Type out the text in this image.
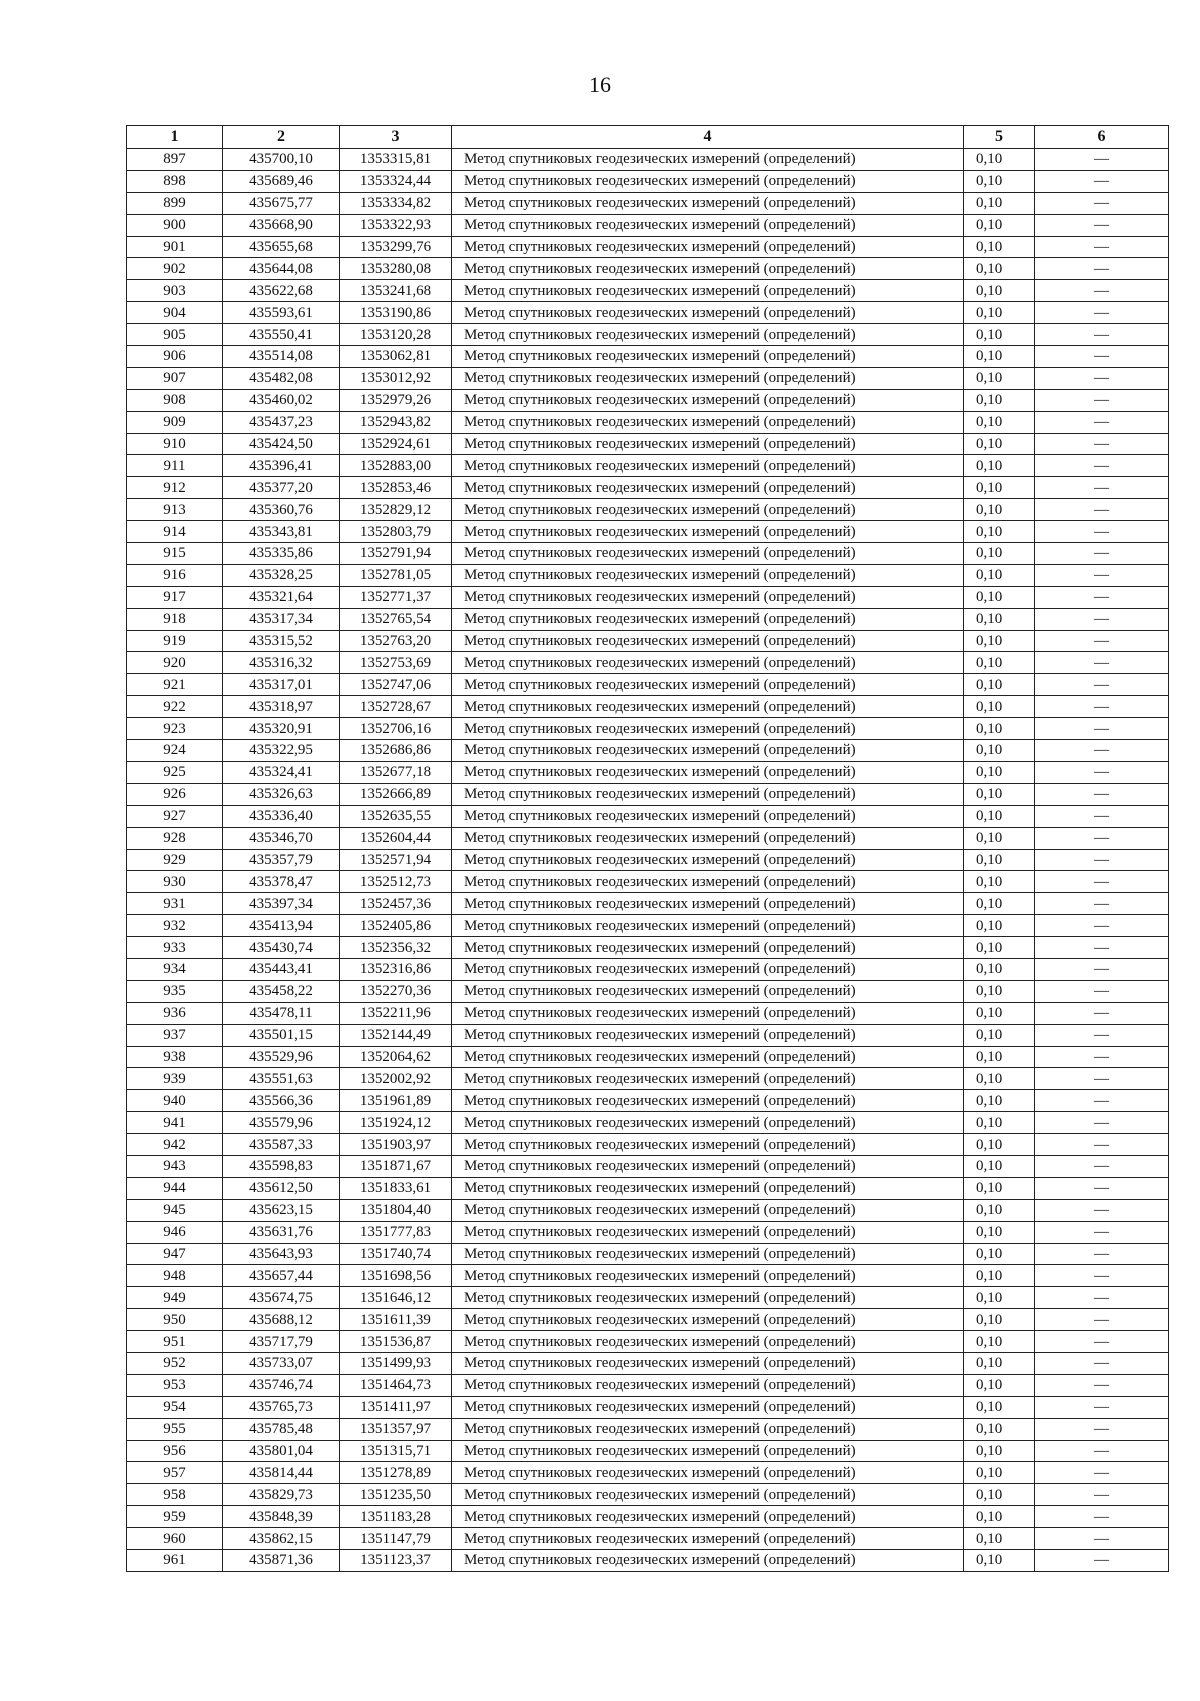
16
1	2	3	4	5	6
897	435700,10	1353315,81	Метод спутниковых геодезических измерений (определений)	0,10	—
898	435689,46	1353324,44	Метод спутниковых геодезических измерений (определений)	0,10	—
899	435675,77	1353334,82	Метод спутниковых геодезических измерений (определений)	0,10	—
900	435668,90	1353322,93	Метод спутниковых геодезических измерений (определений)	0,10	—
901	435655,68	1353299,76	Метод спутниковых геодезических измерений (определений)	0,10	—
902	435644,08	1353280,08	Метод спутниковых геодезических измерений (определений)	0,10	—
903	435622,68	1353241,68	Метод спутниковых геодезических измерений (определений)	0,10	—
904	435593,61	1353190,86	Метод спутниковых геодезических измерений (определений)	0,10	—
905	435550,41	1353120,28	Метод спутниковых геодезических измерений (определений)	0,10	—
906	435514,08	1353062,81	Метод спутниковых геодезических измерений (определений)	0,10	—
907	435482,08	1353012,92	Метод спутниковых геодезических измерений (определений)	0,10	—
908	435460,02	1352979,26	Метод спутниковых геодезических измерений (определений)	0,10	—
909	435437,23	1352943,82	Метод спутниковых геодезических измерений (определений)	0,10	—
910	435424,50	1352924,61	Метод спутниковых геодезических измерений (определений)	0,10	—
911	435396,41	1352883,00	Метод спутниковых геодезических измерений (определений)	0,10	—
912	435377,20	1352853,46	Метод спутниковых геодезических измерений (определений)	0,10	—
913	435360,76	1352829,12	Метод спутниковых геодезических измерений (определений)	0,10	—
914	435343,81	1352803,79	Метод спутниковых геодезических измерений (определений)	0,10	—
915	435335,86	1352791,94	Метод спутниковых геодезических измерений (определений)	0,10	—
916	435328,25	1352781,05	Метод спутниковых геодезических измерений (определений)	0,10	—
917	435321,64	1352771,37	Метод спутниковых геодезических измерений (определений)	0,10	—
918	435317,34	1352765,54	Метод спутниковых геодезических измерений (определений)	0,10	—
919	435315,52	1352763,20	Метод спутниковых геодезических измерений (определений)	0,10	—
920	435316,32	1352753,69	Метод спутниковых геодезических измерений (определений)	0,10	—
921	435317,01	1352747,06	Метод спутниковых геодезических измерений (определений)	0,10	—
922	435318,97	1352728,67	Метод спутниковых геодезических измерений (определений)	0,10	—
923	435320,91	1352706,16	Метод спутниковых геодезических измерений (определений)	0,10	—
924	435322,95	1352686,86	Метод спутниковых геодезических измерений (определений)	0,10	—
925	435324,41	1352677,18	Метод спутниковых геодезических измерений (определений)	0,10	—
926	435326,63	1352666,89	Метод спутниковых геодезических измерений (определений)	0,10	—
927	435336,40	1352635,55	Метод спутниковых геодезических измерений (определений)	0,10	—
928	435346,70	1352604,44	Метод спутниковых геодезических измерений (определений)	0,10	—
929	435357,79	1352571,94	Метод спутниковых геодезических измерений (определений)	0,10	—
930	435378,47	1352512,73	Метод спутниковых геодезических измерений (определений)	0,10	—
931	435397,34	1352457,36	Метод спутниковых геодезических измерений (определений)	0,10	—
932	435413,94	1352405,86	Метод спутниковых геодезических измерений (определений)	0,10	—
933	435430,74	1352356,32	Метод спутниковых геодезических измерений (определений)	0,10	—
934	435443,41	1352316,86	Метод спутниковых геодезических измерений (определений)	0,10	—
935	435458,22	1352270,36	Метод спутниковых геодезических измерений (определений)	0,10	—
936	435478,11	1352211,96	Метод спутниковых геодезических измерений (определений)	0,10	—
937	435501,15	1352144,49	Метод спутниковых геодезических измерений (определений)	0,10	—
938	435529,96	1352064,62	Метод спутниковых геодезических измерений (определений)	0,10	—
939	435551,63	1352002,92	Метод спутниковых геодезических измерений (определений)	0,10	—
940	435566,36	1351961,89	Метод спутниковых геодезических измерений (определений)	0,10	—
941	435579,96	1351924,12	Метод спутниковых геодезических измерений (определений)	0,10	—
942	435587,33	1351903,97	Метод спутниковых геодезических измерений (определений)	0,10	—
943	435598,83	1351871,67	Метод спутниковых геодезических измерений (определений)	0,10	—
944	435612,50	1351833,61	Метод спутниковых геодезических измерений (определений)	0,10	—
945	435623,15	1351804,40	Метод спутниковых геодезических измерений (определений)	0,10	—
946	435631,76	1351777,83	Метод спутниковых геодезических измерений (определений)	0,10	—
947	435643,93	1351740,74	Метод спутниковых геодезических измерений (определений)	0,10	—
948	435657,44	1351698,56	Метод спутниковых геодезических измерений (определений)	0,10	—
949	435674,75	1351646,12	Метод спутниковых геодезических измерений (определений)	0,10	—
950	435688,12	1351611,39	Метод спутниковых геодезических измерений (определений)	0,10	—
951	435717,79	1351536,87	Метод спутниковых геодезических измерений (определений)	0,10	—
952	435733,07	1351499,93	Метод спутниковых геодезических измерений (определений)	0,10	—
953	435746,74	1351464,73	Метод спутниковых геодезических измерений (определений)	0,10	—
954	435765,73	1351411,97	Метод спутниковых геодезических измерений (определений)	0,10	—
955	435785,48	1351357,97	Метод спутниковых геодезических измерений (определений)	0,10	—
956	435801,04	1351315,71	Метод спутниковых геодезических измерений (определений)	0,10	—
957	435814,44	1351278,89	Метод спутниковых геодезических измерений (определений)	0,10	—
958	435829,73	1351235,50	Метод спутниковых геодезических измерений (определений)	0,10	—
959	435848,39	1351183,28	Метод спутниковых геодезических измерений (определений)	0,10	—
960	435862,15	1351147,79	Метод спутниковых геодезических измерений (определений)	0,10	—
961	435871,36	1351123,37	Метод спутниковых геодезических измерений (определений)	0,10	—
